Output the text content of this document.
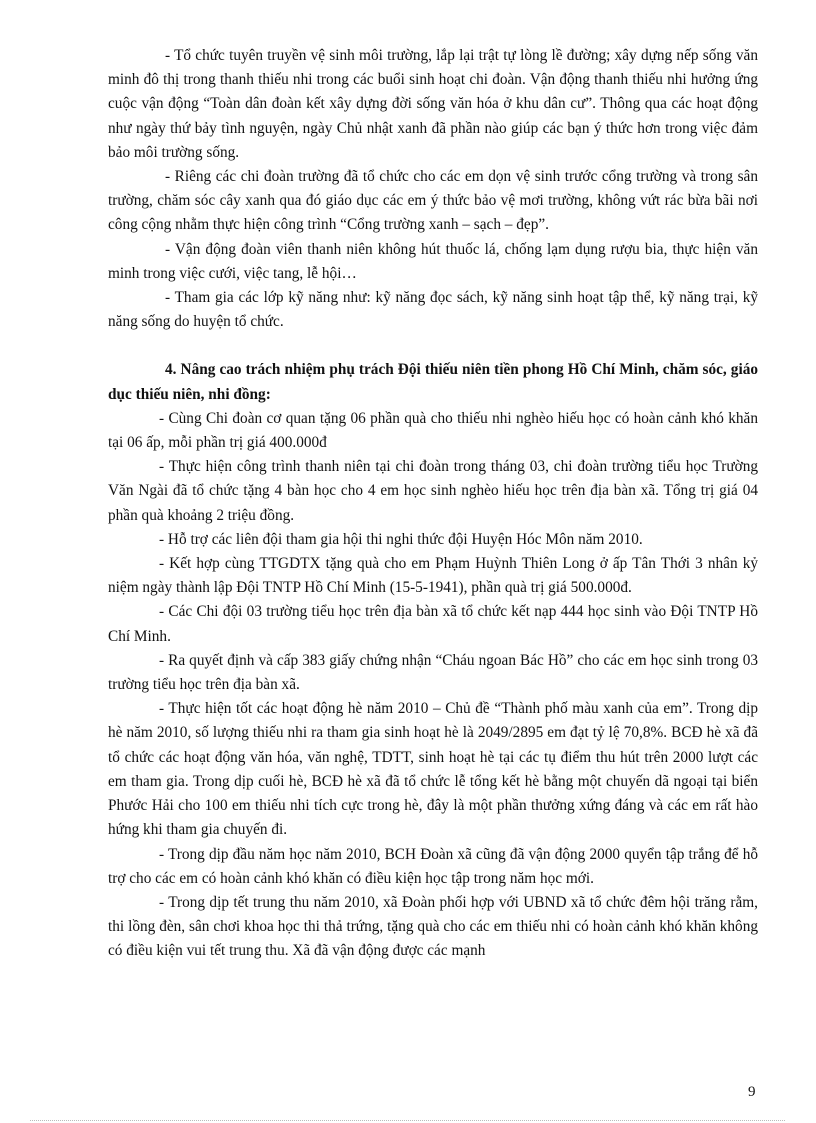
- Tổ chức tuyên truyền vệ sinh môi trường, lắp lại trật tự lòng lề đường; xây dựng nếp sống văn minh đô thị trong thanh thiếu nhi trong các buổi sinh hoạt chi đoàn. Vận động thanh thiếu nhi hưởng ứng cuộc vận động “Toàn dân đoàn kết xây dựng đời sống văn hóa ở khu dân cư”. Thông qua các hoạt động như ngày thứ bảy tình nguyện, ngày Chủ nhật xanh đã phần nào giúp các bạn ý thức hơn trong việc đảm bảo môi trường sống.

- Riêng các chi đoàn trường đã tổ chức cho các em dọn vệ sinh trước cổng trường và trong sân trường, chăm sóc cây xanh qua đó giáo dục các em ý thức bảo vệ mơi trường, không vứt rác bừa bãi nơi công cộng nhằm thực hiện công trình “Cổng trường xanh – sạch – đẹp”.

- Vận động đoàn viên thanh niên không hút thuốc lá, chống lạm dụng rượu bia, thực hiện văn minh trong việc cưới, việc tang, lễ hội…

- Tham gia các lớp kỹ năng như: kỹ năng đọc sách, kỹ năng sinh hoạt tập thể, kỹ năng trại, kỹ năng sống do huyện tổ chức.

4. Nâng cao trách nhiệm phụ trách Đội thiếu niên tiền phong Hồ Chí Minh, chăm sóc, giáo dục thiếu niên, nhi đồng:

- Cùng Chi đoàn cơ quan tặng 06 phần quà cho thiếu nhi nghèo hiếu học có hoàn cảnh khó khăn tại 06 ấp, mỗi phần trị giá 400.000đ

- Thực hiện công trình thanh niên tại chi đoàn trong tháng 03, chi đoàn trường tiểu học Trường Văn Ngài đã tổ chức tặng 4 bàn học cho 4 em học sinh nghèo hiếu học trên địa bàn xã. Tổng trị giá 04 phần quà khoảng 2 triệu đồng.

- Hỗ trợ các liên đội tham gia hội thi nghi thức đội Huyện Hóc Môn năm 2010.

- Kết hợp cùng TTGDTX tặng quà cho em Phạm Huỳnh Thiên Long ở ấp Tân Thới 3 nhân kỷ niệm ngày thành lập Đội TNTP Hồ Chí Minh (15-5-1941), phần quà trị giá 500.000đ.

- Các Chi đội 03 trường tiểu học trên địa bàn xã tổ chức kết nạp 444 học sinh vào Đội TNTP Hồ Chí Minh.

- Ra quyết định và cấp 383 giấy chứng nhận “Cháu ngoan Bác Hồ” cho các em học sinh trong 03 trường tiểu học trên địa bàn xã.

- Thực hiện tốt các hoạt động hè năm 2010 – Chủ đề “Thành phố màu xanh của em”. Trong dịp hè năm 2010, số lượng thiếu nhi ra tham gia sinh hoạt hè là 2049/2895 em đạt tỷ lệ 70,8%. BCĐ hè xã đã tổ chức các hoạt động văn hóa, văn nghệ, TDTT, sinh hoạt hè tại các tụ điểm thu hút trên 2000 lượt các em tham gia. Trong dịp cuối hè, BCĐ hè xã đã tổ chức lễ tổng kết hè bằng một chuyến dã ngoại tại biển Phước Hải cho 100 em thiếu nhi tích cực trong hè, đây là một phần thưởng xứng đáng và các em rất hào hứng khi tham gia chuyến đi.

- Trong dịp đầu năm học năm 2010, BCH Đoàn xã cũng đã vận động 2000 quyển tập trắng để hỗ trợ cho các em có hoàn cảnh khó khăn có điều kiện học tập trong năm học mới.

- Trong dịp tết trung thu năm 2010, xã Đoàn phối hợp với UBND xã tổ chức đêm hội trăng rằm, thi lồng đèn, sân chơi khoa học thi thả trứng, tặng quà cho các em thiếu nhi có hoàn cảnh khó khăn không có điều kiện vui tết trung thu. Xã đã vận động được các mạnh

9
